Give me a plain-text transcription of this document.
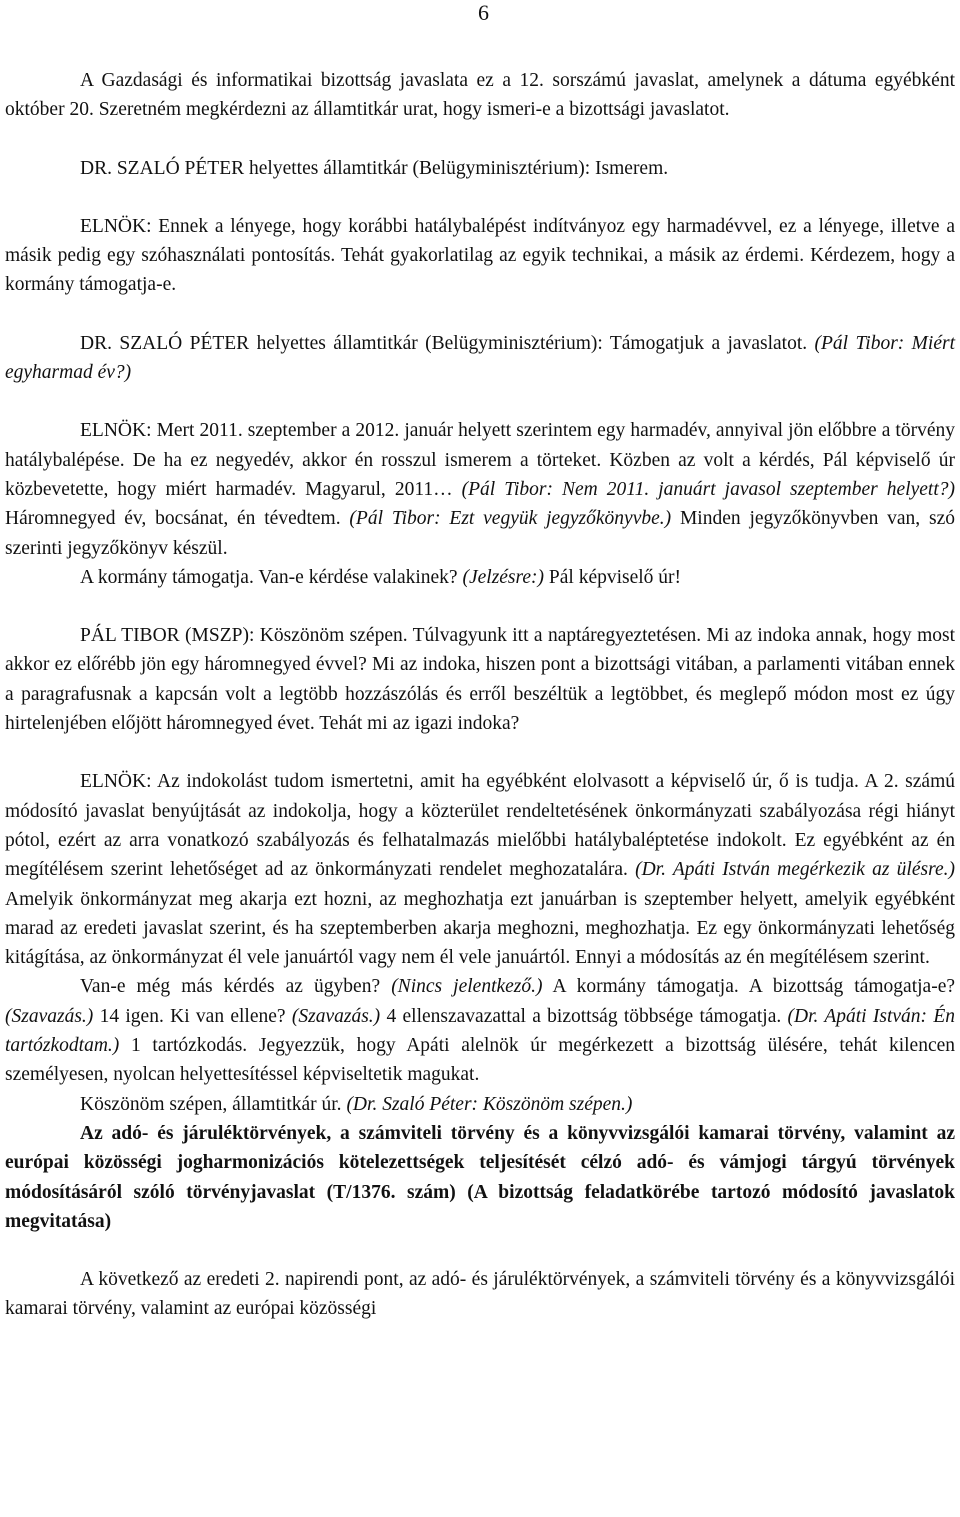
6

A Gazdasági és informatikai bizottság javaslata ez a 12. sorszámú javaslat, amelynek a dátuma egyébként október 20. Szeretném megkérdezni az államtitkár urat, hogy ismeri-e a bizottsági javaslatot.

DR. SZALÓ PÉTER helyettes államtitkár (Belügyminisztérium): Ismerem.

ELNÖK: Ennek a lényege, hogy korábbi hatálybalépést indítványoz egy harmadévvel, ez a lényege, illetve a másik pedig egy szóhasználati pontosítás. Tehát gyakorlatilag az egyik technikai, a másik az érdemi. Kérdezem, hogy a kormány támogatja-e.

DR. SZALÓ PÉTER helyettes államtitkár (Belügyminisztérium): Támogatjuk a javaslatot. (Pál Tibor: Miért egyharmad év?)

ELNÖK: Mert 2011. szeptember a 2012. január helyett szerintem egy harmadév, annyival jön előbbre a törvény hatálybalépése. De ha ez negyedév, akkor én rosszul ismerem a törteket. Közben az volt a kérdés, Pál képviselő úr közbevetette, hogy miért harmadév. Magyarul, 2011… (Pál Tibor: Nem 2011. januárt javasol szeptember helyett?) Háromnegyed év, bocsánat, én tévedtem. (Pál Tibor: Ezt vegyük jegyzőkönyvbe.) Minden jegyzőkönyvben van, szó szerinti jegyzőkönyv készül.

A kormány támogatja. Van-e kérdése valakinek? (Jelzésre:) Pál képviselő úr!

PÁL TIBOR (MSZP): Köszönöm szépen. Túlvagyunk itt a naptáregyeztetésen. Mi az indoka annak, hogy most akkor ez előrébb jön egy háromnegyed évvel? Mi az indoka, hiszen pont a bizottsági vitában, a parlamenti vitában ennek a paragrafusnak a kapcsán volt a legtöbb hozzászólás és erről beszéltük a legtöbbet, és meglepő módon most ez úgy hirtelenjében előjött háromnegyed évet. Tehát mi az igazi indoka?

ELNÖK: Az indokolást tudom ismertetni, amit ha egyébként elolvasott a képviselő úr, ő is tudja. A 2. számú módosító javaslat benyújtását az indokolja, hogy a közterület rendeltetésének önkormányzati szabályozása régi hiányt pótol, ezért az arra vonatkozó szabályozás és felhatalmazás mielőbbi hatálybaléptetése indokolt. Ez egyébként az én megítélésem szerint lehetőséget ad az önkormányzati rendelet meghozatalára. (Dr. Apáti István megérkezik az ülésre.) Amelyik önkormányzat meg akarja ezt hozni, az meghozhatja ezt januárban is szeptember helyett, amelyik egyébként marad az eredeti javaslat szerint, és ha szeptemberben akarja meghozni, meghozhatja. Ez egy önkormányzati lehetőség kitágítása, az önkormányzat él vele januártól vagy nem él vele januártól. Ennyi a módosítás az én megítélésem szerint.

Van-e még más kérdés az ügyben? (Nincs jelentkező.) A kormány támogatja. A bizottság támogatja-e? (Szavazás.) 14 igen. Ki van ellene? (Szavazás.) 4 ellenszavazattal a bizottság többsége támogatja. (Dr. Apáti István: Én tartózkodtam.) 1 tartózkodás. Jegyezzük, hogy Apáti alelnök úr megérkezett a bizottság ülésére, tehát kilencen személyesen, nyolcan helyettesítéssel képviseltetik magukat.

Köszönöm szépen, államtitkár úr. (Dr. Szaló Péter: Köszönöm szépen.)

Az adó- és járuléktörvények, a számviteli törvény és a könyvvizsgálói kamarai törvény, valamint az európai közösségi jogharmonizációs kötelezettségek teljesítését célzó adó- és vámjogi tárgyú törvények módosításáról szóló törvényjavaslat (T/1376. szám) (A bizottság feladatkörébe tartozó módosító javaslatok megvitatása)

A következő az eredeti 2. napirendi pont, az adó- és járuléktörvények, a számviteli törvény és a könyvvizsgálói kamarai törvény, valamint az európai közösségi
